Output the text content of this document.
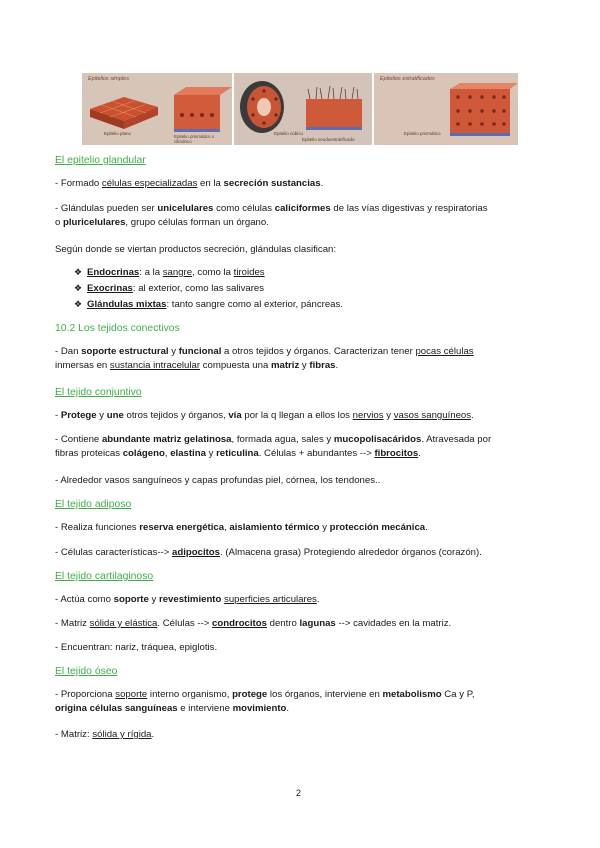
Epitelios simples
Epitelio plano
Epitelio prismático o cilíndrico
Epitelio cúbico
Epitelio seudoestratificado
Epitelios estratificados
Epitelio prismático
El epitelio glandular
- Formado células especializadas en la secreción sustancias.
- Glándulas pueden ser unicelulares como células caliciformes de las vías digestivas y respiratorias
o pluricelulares, grupo células forman un órgano.
Según donde se viertan productos secreción, glándulas clasifican:
❖ Endocrinas: a la sangre, como la tiroides
❖ Exocrinas: al exterior, como las salivares
❖ Glándulas mixtas: tanto sangre como al exterior, páncreas.
10.2 Los tejidos conectivos
- Dan soporte estructural y funcional a otros tejidos y órganos. Caracterizan tener pocas células
inmersas en sustancia intracelular compuesta una matriz y fibras.
El tejido conjuntivo
- Protege y une otros tejidos y órganos, vía por la q llegan a ellos los nervios y vasos sanguíneos.
- Contiene abundante matriz gelatinosa, formada agua, sales y mucopolisacáridos. Atravesada por
fibras proteicas colágeno, elastina y reticulina. Células + abundantes --> fibrocitos.
- Alrededor vasos sanguíneos y capas profundas piel, córnea, los tendones..
El tejido adiposo
- Realiza funciones reserva energética, aislamiento térmico y protección mecánica.
- Células características--> adipocitos. (Almacena grasa) Protegiendo alrededor órganos (corazón).
El tejido cartilaginoso
- Actúa como soporte y revestimiento superficies articulares.
- Matriz sólida y elástica. Células --> condrocitos dentro lagunas --> cavidades en la matriz.
- Encuentran: nariz, tráquea, epiglotis.
El tejido óseo
- Proporciona soporte interno organismo, protege los órganos, interviene en metabolismo Ca y P,
origina células sanguíneas e interviene movimiento.
- Matriz: sólida y rígida.
2
